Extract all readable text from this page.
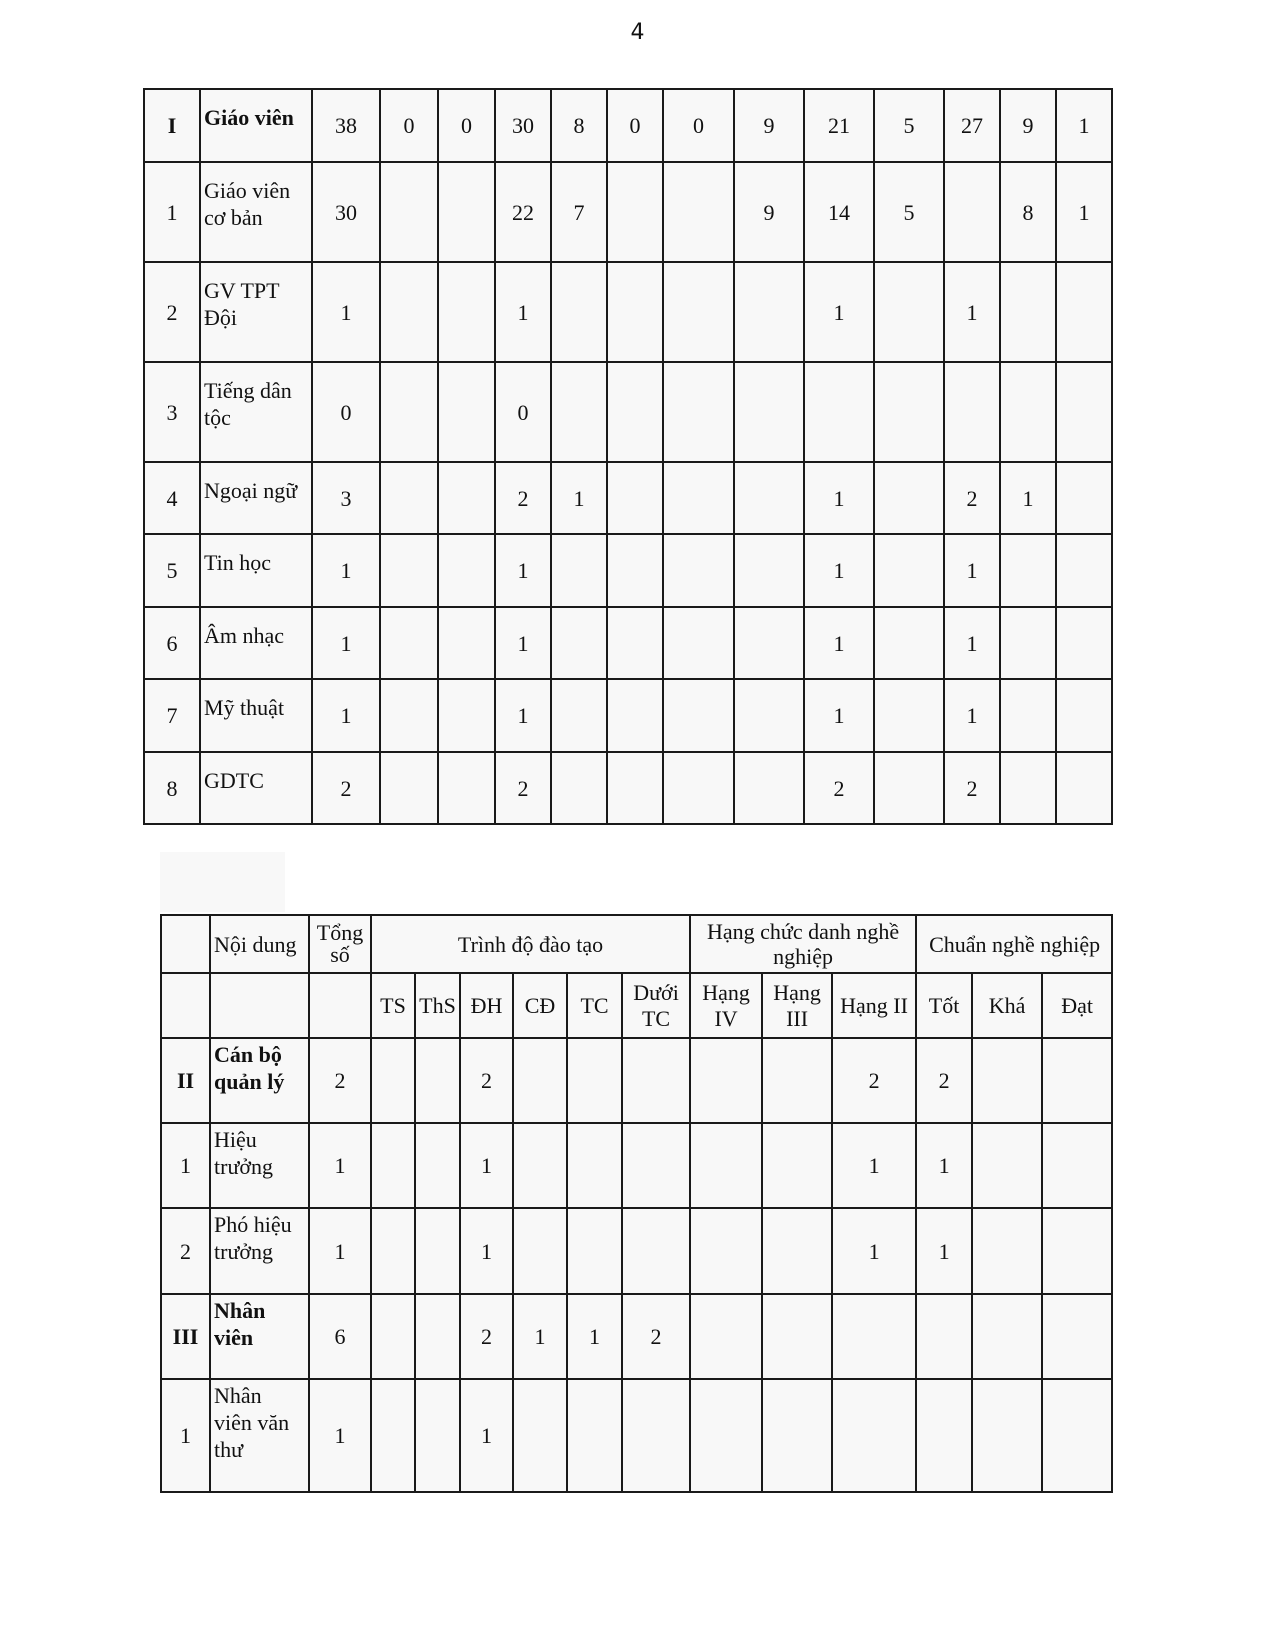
4
I	Giáo viên	38	0	0	30	8	0	0	9	21	5	27	9	1
1	Giáo viên cơ bản	30			22	7			9	14	5		8	1
2	GV TPT Đội	1			1					1		1		
3	Tiếng dân tộc	0			0									
4	Ngoại ngữ	3			2	1				1		2	1	
5	Tin học	1			1					1		1		
6	Âm nhạc	1			1					1		1		
7	Mỹ thuật	1			1					1		1		
8	GDTC	2			2					2		2		
	Nội dung	Tổng số	Trình độ đào tạo						Hạng chức danh nghề nghiệp			Chuẩn nghề nghiệp		
			TS	ThS	ĐH	CĐ	TC	Dưới TC	Hạng IV	Hạng III	Hạng II	Tốt	Khá	Đạt
II	Cán bộ quản lý	2			2						2	2		
1	Hiệu trưởng	1			1						1	1		
2	Phó hiệu trưởng	1			1						1	1		
III	Nhân viên	6			2	1	1	2						
1	Nhân viên văn thư	1			1									
